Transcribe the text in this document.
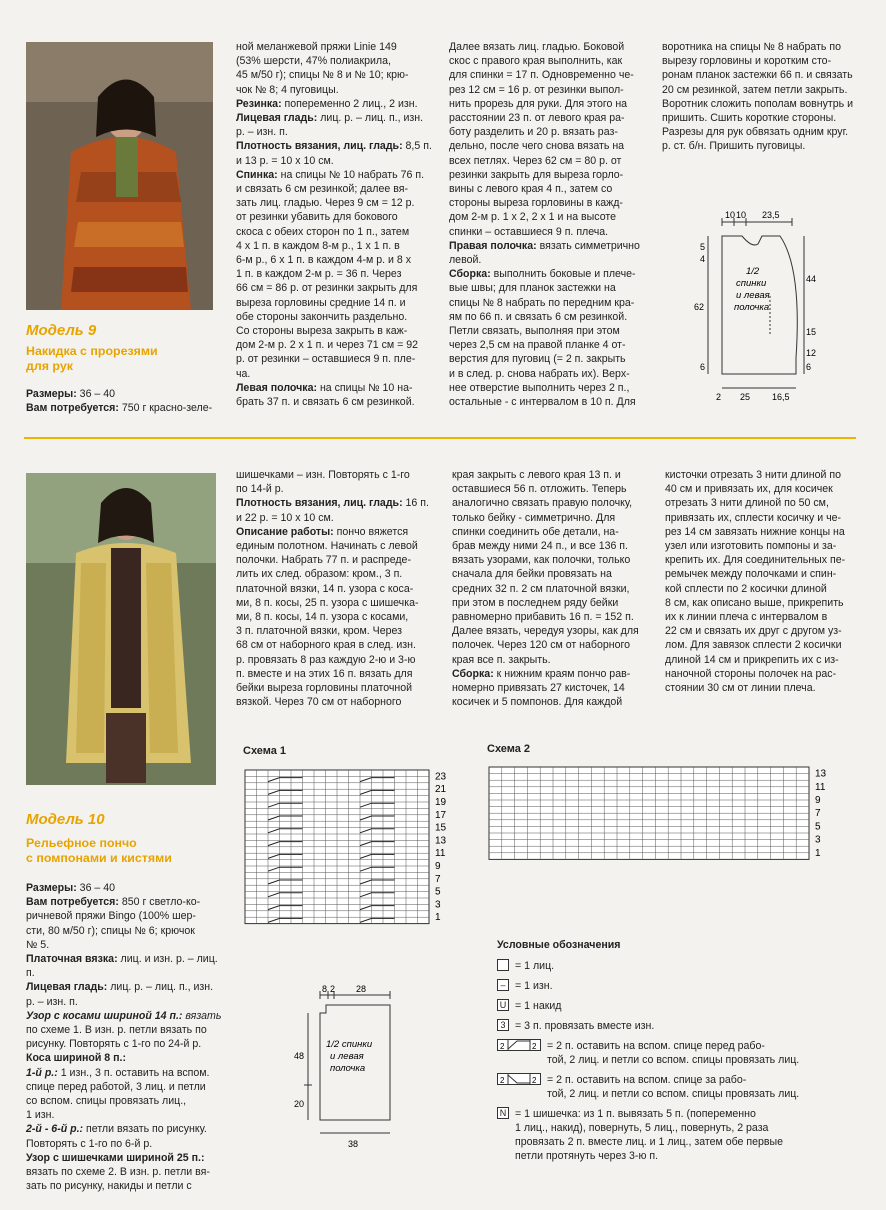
Модель 9
Накидка с прорезями
для рук

Размеры: 36 – 40

Вам потребуется: 750 г красно-зеле-

ной меланжевой пряжи Linie 149

(53% шерсти, 47% полиакрила,

45 м/50 г); спицы № 8 и № 10; крю-

чок № 8; 4 пуговицы.

Резинка: попеременно 2 лиц., 2 изн.

Лицевая гладь: лиц. р. – лиц. п., изн.

р. – изн. п.

Плотность вязания, лиц. гладь: 8,5 п.

и 13 р. = 10 х 10 см.

Спинка: на спицы № 10 набрать 76 п.

и связать 6 см резинкой; далее вя-

зать лиц. гладью. Через 9 см = 12 р.

от резинки убавить для бокового

скоса с обеих сторон по 1 п., затем

4 х 1 п. в каждом 8-м р., 1 х 1 п. в

6-м р., 6 х 1 п. в каждом 4-м р. и 8 х

1 п. в каждом 2-м р. = 36 п. Через

66 см = 86 р. от резинки закрыть для

выреза горловины средние 14 п. и

обе стороны закончить раздельно.

Со стороны выреза закрыть в каж-

дом 2-м р. 2 х 1 п. и через 71 см = 92

р. от резинки – оставшиеся 9 п. пле-

ча.

Левая полочка: на спицы № 10 на-

брать 37 п. и связать 6 см резинкой.

Далее вязать лиц. гладью. Боковой

скос с правого края выполнить, как

для спинки = 17 п. Одновременно че-

рез 12 см = 16 р. от резинки выпол-

нить прорезь для руки. Для этого на

расстоянии 23 п. от левого края ра-

боту разделить и 20 р. вязать раз-

дельно, после чего снова вязать на

всех петлях. Через 62 см = 80 р. от

резинки закрыть для выреза горло-

вины с левого края 4 п., затем со

стороны выреза горловины в кажд-

дом 2-м р. 1 х 2, 2 х 1 и на высоте

спинки – оставшиеся 9 п. плеча.

Правая полочка: вязать симметрично

левой.

Сборка: выполнить боковые и плече-

вые швы; для планок застежки на

спицы № 8 набрать по передним кра-

ям по 66 п. и связать 6 см резинкой.

Петли связать, выполняя при этом

через 2,5 см на правой планке 4 от-

верстия для пуговиц (= 2 п. закрыть

и в след. р. снова набрать их). Верх-

нее отверстие выполнить через 2 п.,

остальные - с интервалом в 10 п. Для

воротника на спицы № 8 набрать по

вырезу горловины и коротким сто-

ронам планок застежки 66 п. и связать

20 см резинкой, затем петли закрыть.

Воротник сложить пополам вовнутрь и

пришить. Сшить короткие стороны.

Разрезы для рук обвязать одним круг.

р. ст. б/н. Пришить пуговицы.

10 10 23,5
5
4
62
6
44
15
12
6
2 25 16,5
1/2
спинки
и левая
полочка
Модель 10
Рельефное пончо
с помпонами и кистями

Размеры: 36 – 40

Вам потребуется: 850 г светло-ко-

ричневой пряжи Bingo (100% шер-

сти, 80 м/50 г); спицы № 6; крючок

№ 5.

Платочная вязка: лиц. и изн. р. – лиц. п.

Лицевая гладь: лиц. р. – лиц. п., изн.

р. – изн. п.

Узор с косами шириной 14 п.: вязать

по схеме 1. В изн. р. петли вязать по

рисунку. Повторять с 1-го по 24-й р.

Коса шириной 8 п.:

1-й р.: 1 изн., 3 п. оставить на вспом.

спице перед работой, 3 лиц. и петли

со вспом. спицы провязать лиц.,

1 изн.

2-й - 6-й р.: петли вязать по рисунку.

Повторять с 1-го по 6-й р.

Узор с шишечками шириной 25 п.:

вязать по схеме 2. В изн. р. петли вя-

зать по рисунку, накиды и петли с

шишечками – изн. Повторять с 1-го

по 14-й р.

Плотность вязания, лиц. гладь: 16 п.

и 22 р. = 10 х 10 см.

Описание работы: пончо вяжется

единым полотном. Начинать с левой

полочки. Набрать 77 п. и распреде-

лить их след. образом: кром., 3 п.

платочной вязки, 14 п. узора с коса-

ми, 8 п. косы, 25 п. узора с шишечка-

ми, 8 п. косы, 14 п. узора с косами,

3 п. платочной вязки, кром. Через

68 см от наборного края в след. изн.

р. провязать 8 раз каждую 2-ю и 3-ю

п. вместе и на этих 16 п. вязать для

бейки выреза горловины платочной

вязкой. Через 70 см от наборного

края закрыть с левого края 13 п. и

оставшиеся 56 п. отложить. Теперь

аналогично связать правую полочку,

только бейку - симметрично. Для

спинки соединить обе детали, на-

брав между ними 24 п., и все 136 п.

вязать узорами, как полочки, только

сначала для бейки провязать на

средних 32 п. 2 см платочной вязки,

при этом в последнем ряду бейки

равномерно прибавить 16 п. = 152 п.

Далее вязать, чередуя узоры, как для

полочек. Через 120 см от наборного

края все п. закрыть.

Сборка: к нижним краям пончо рав-

номерно привязать 27 кисточек, 14

косичек и 5 помпонов. Для каждой

кисточки отрезать 3 нити длиной по

40 см и привязать их, для косичек

отрезать 3 нити длиной по 50 см,

привязать их, сплести косичку и че-

рез 14 см завязать нижние концы на

узел или изготовить помпоны и за-

крепить их. Для соединительных пе-

ремычек между полочками и спин-

кой сплести по 2 косички длиной

8 см, как описано выше, прикрепить

их к линии плеча с интервалом в

22 см и связать их друг с другом уз-

лом. Для завязок сплести 2 косички

длиной 14 см и прикрепить их с из-

наночной стороны полочек на рас-

стоянии 30 см от линии плеча.

Схема 1
23
21
19
17
15
13
11
9
7
5
3
1
Схема 2
13
11
9
7
5
3
1
8 2 28
48
20
38
1/2 спинки
и левая
полочка
Условные обозначения
= 1 лиц.
– = 1 изн.
U = 1 накид
3 = 3 п. провязать вместе изн.
2	2 = 2 п. оставить на вспом. спице перед рабо-
той, 2 лиц. и петли со вспом. спицы провязать лиц.
2	2 = 2 п. оставить на вспом. спице за рабо-
той, 2 лиц. и петли со вспом. спицы провязать лиц.
N = 1 шишечка: из 1 п. вывязать 5 п. (попеременно
1 лиц., накид), повернуть, 5 лиц., повернуть, 2 раза
провязать 2 п. вместе лиц. и 1 лиц., затем обе первые
петли протянуть через 3-ю п.
